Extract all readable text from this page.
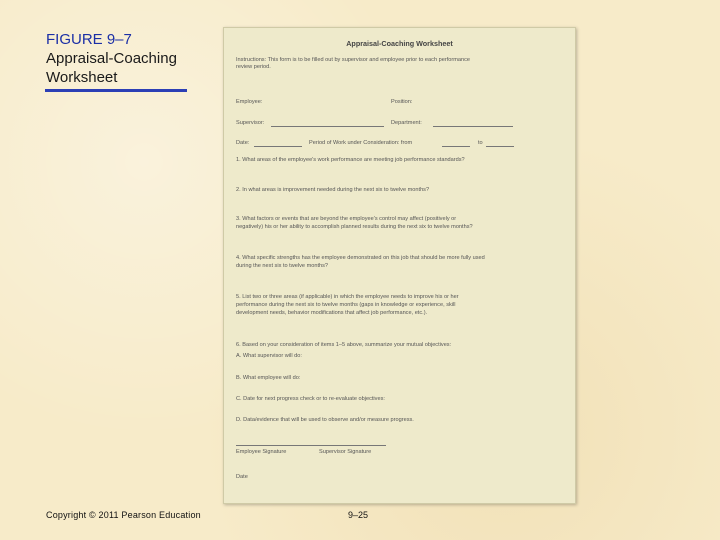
FIGURE 9–7
Appraisal-Coaching
Worksheet
Appraisal-Coaching Worksheet
Instructions: This form is to be filled out by supervisor and employee prior to each performance
review period.
Employee:	Position:
Supervisor:	Department:
Date:	Period of Work under Consideration: from	to
1. What areas of the employee's work performance are meeting job performance standards?
2. In what areas is improvement needed during the next six to twelve months?
3. What factors or events that are beyond the employee's control may affect (positively or
negatively) his or her ability to accomplish planned results during the next six to twelve months?
4. What specific strengths has the employee demonstrated on this job that should be more fully used
during the next six to twelve months?
5. List two or three areas (if applicable) in which the employee needs to improve his or her
performance during the next six to twelve months (gaps in knowledge or experience, skill
development needs, behavior modifications that affect job performance, etc.).
6. Based on your consideration of items 1–5 above, summarize your mutual objectives:
A. What supervisor will do:
B. What employee will do:
C. Date for next progress check or to re-evaluate objectives:
D. Data/evidence that will be used to observe and/or measure progress.
Employee Signature	Supervisor Signature
Date
Copyright © 2011 Pearson Education	9–25
